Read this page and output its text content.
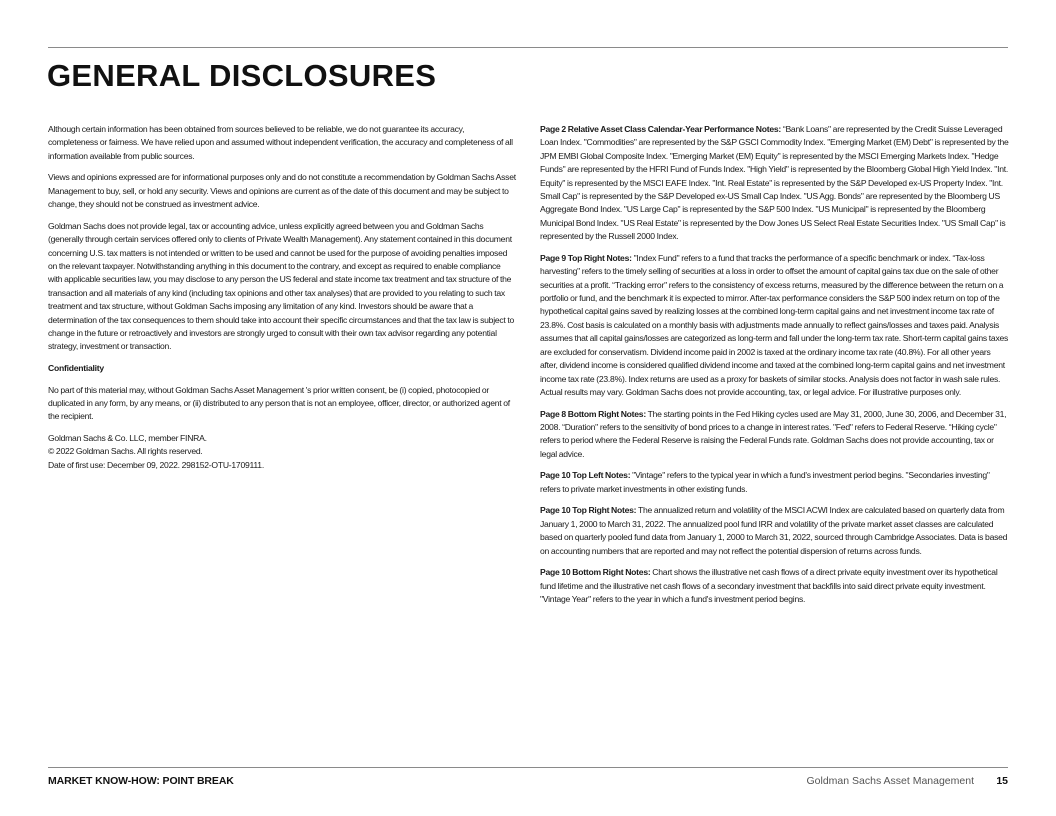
GENERAL DISCLOSURES

Although certain information has been obtained from sources believed to be reliable, we do not guarantee its accuracy, completeness or fairness. We have relied upon and assumed without independent verification, the accuracy and completeness of all information available from public sources.

Views and opinions expressed are for informational purposes only and do not constitute a recommendation by Goldman Sachs Asset Management to buy, sell, or hold any security. Views and opinions are current as of the date of this document and may be subject to change, they should not be construed as investment advice.

Goldman Sachs does not provide legal, tax or accounting advice, unless explicitly agreed between you and Goldman Sachs (generally through certain services offered only to clients of Private Wealth Management). Any statement contained in this document concerning U.S. tax matters is not intended or written to be used and cannot be used for the purpose of avoiding penalties imposed on the relevant taxpayer. Notwithstanding anything in this document to the contrary, and except as required to enable compliance with applicable securities law, you may disclose to any person the US federal and state income tax treatment and tax structure of the transaction and all materials of any kind (including tax opinions and other tax analyses) that are provided to you relating to such tax treatment and tax structure, without Goldman Sachs imposing any limitation of any kind. Investors should be aware that a determination of the tax consequences to them should take into account their specific circumstances and that the tax law is subject to change in the future or retroactively and investors are strongly urged to consult with their own tax advisor regarding any potential strategy, investment or transaction.

Confidentiality

No part of this material may, without Goldman Sachs Asset Management 's prior written consent, be (i) copied, photocopied or duplicated in any form, by any means, or (ii) distributed to any person that is not an employee, officer, director, or authorized agent of the recipient.

Goldman Sachs & Co. LLC, member FINRA.

© 2022 Goldman Sachs. All rights reserved.

Date of first use: December 09, 2022. 298152-OTU-1709111.

Page 2 Relative Asset Class Calendar-Year Performance Notes: “Bank Loans" are represented by the Credit Suisse Leveraged Loan Index. "Commodities" are represented by the S&P GSCI Commodity Index. "Emerging Market (EM) Debt" is represented by the JPM EMBI Global Composite Index. "Emerging Market (EM) Equity" is represented by the MSCI Emerging Markets Index. "Hedge Funds" are represented by the HFRI Fund of Funds Index. "High Yield" is represented by the Bloomberg Global High Yield Index. "Int. Equity" is represented by the MSCI EAFE Index. "Int. Real Estate" is represented by the S&P Developed ex-US Property Index. "Int. Small Cap" is represented by the S&P Developed ex-US Small Cap Index. "US Agg. Bonds" are represented by the Bloomberg US Aggregate Bond Index. "US Large Cap" is represented by the S&P 500 Index. "US Municipal" is represented by the Bloomberg Municipal Bond Index. "US Real Estate" is represented by the Dow Jones US Select Real Estate Securities Index. "US Small Cap" is represented by the Russell 2000 Index.

Page 9 Top Right Notes: "Index Fund" refers to a fund that tracks the performance of a specific benchmark or index. “Tax-loss harvesting" refers to the timely selling of securities at a loss in order to offset the amount of capital gains tax due on the sale of other securities at a profit. “Tracking error" refers to the consistency of excess returns, measured by the difference between the return on a portfolio or fund, and the benchmark it is expected to mirror. After-tax performance considers the S&P 500 index return on top of the hypothetical capital gains saved by realizing losses at the combined long-term capital gains and net investment income tax rate of 23.8%. Cost basis is calculated on a monthly basis with adjustments made annually to reflect gains/losses and taxes paid. Analysis assumes that all capital gains/losses are categorized as long-term and fall under the long-term tax rate. Short-term capital gains taxes are excluded for conservatism. Dividend income paid in 2002 is taxed at the ordinary income tax rate (40.8%). For all other years after, dividend income is considered qualified dividend income and taxed at the combined long-term capital gains and net investment income tax rate (23.8%). Index returns are used as a proxy for baskets of similar stocks. Analysis does not factor in wash sale rules. Actual results may vary. Goldman Sachs does not provide accounting, tax, or legal advice. For illustrative purposes only.

Page 8 Bottom Right Notes: The starting points in the Fed Hiking cycles used are May 31, 2000, June 30, 2006, and December 31, 2008. “Duration" refers to the sensitivity of bond prices to a change in interest rates. "Fed" refers to Federal Reserve. “Hiking cycle" refers to period where the Federal Reserve is raising the Federal Funds rate. Goldman Sachs does not provide accounting, tax or legal advice.

Page 10 Top Left Notes: "Vintage" refers to the typical year in which a fund's investment period begins. "Secondaries investing" refers to private market investments in other existing funds.

Page 10 Top Right Notes: The annualized return and volatility of the MSCI ACWI Index are calculated based on quarterly data from January 1, 2000 to March 31, 2022. The annualized pool fund IRR and volatility of the private market asset classes are calculated based on quarterly pooled fund data from January 1, 2000 to March 31, 2022, sourced through Cambridge Associates. Data is based on accounting numbers that are reported and may not reflect the potential dispersion of returns across funds.

Page 10 Bottom Right Notes: Chart shows the illustrative net cash flows of a direct private equity investment over its hypothetical fund lifetime and the illustrative net cash flows of a secondary investment that backfills into said direct private equity investment. "Vintage Year" refers to the year in which a fund's investment period begins.

MARKET KNOW-HOW: POINT BREAK	Goldman Sachs Asset Management 15
